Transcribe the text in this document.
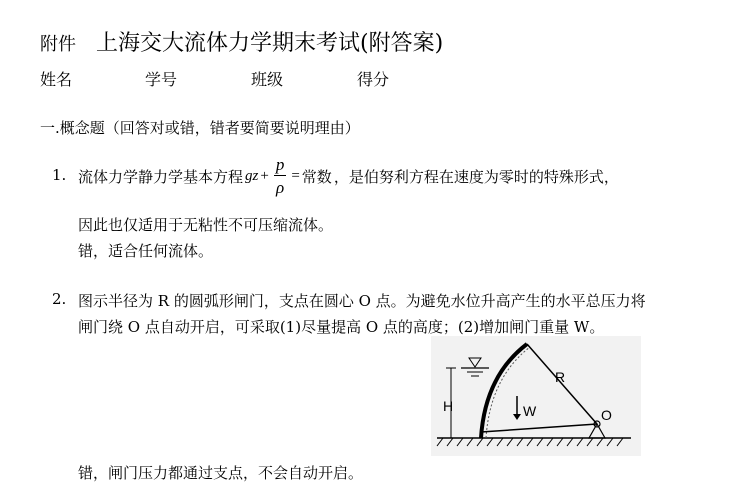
附件 上海交大流体力学期末考试(附答案)
姓名	学号	班级	得分
一.概念题（回答对或错，错者要简要说明理由）
1. 流体力学静力学基本方程 gz + $\frac{p}{\rho}$ = 常数 ，是伯努利方程在速度为零时的特殊形式，
因此也仅适用于无粘性不可压缩流体。
错，适合任何流体。
2. 图示半径为 R 的圆弧形闸门，支点在圆心 O 点。为避免水位升高产生的水平总压力将
闸门绕 O 点自动开启，可采取(1)尽量提高 O 点的高度；(2)增加闸门重量 W。
H
R
W	O
错，闸门压力都通过支点，不会自动开启。
